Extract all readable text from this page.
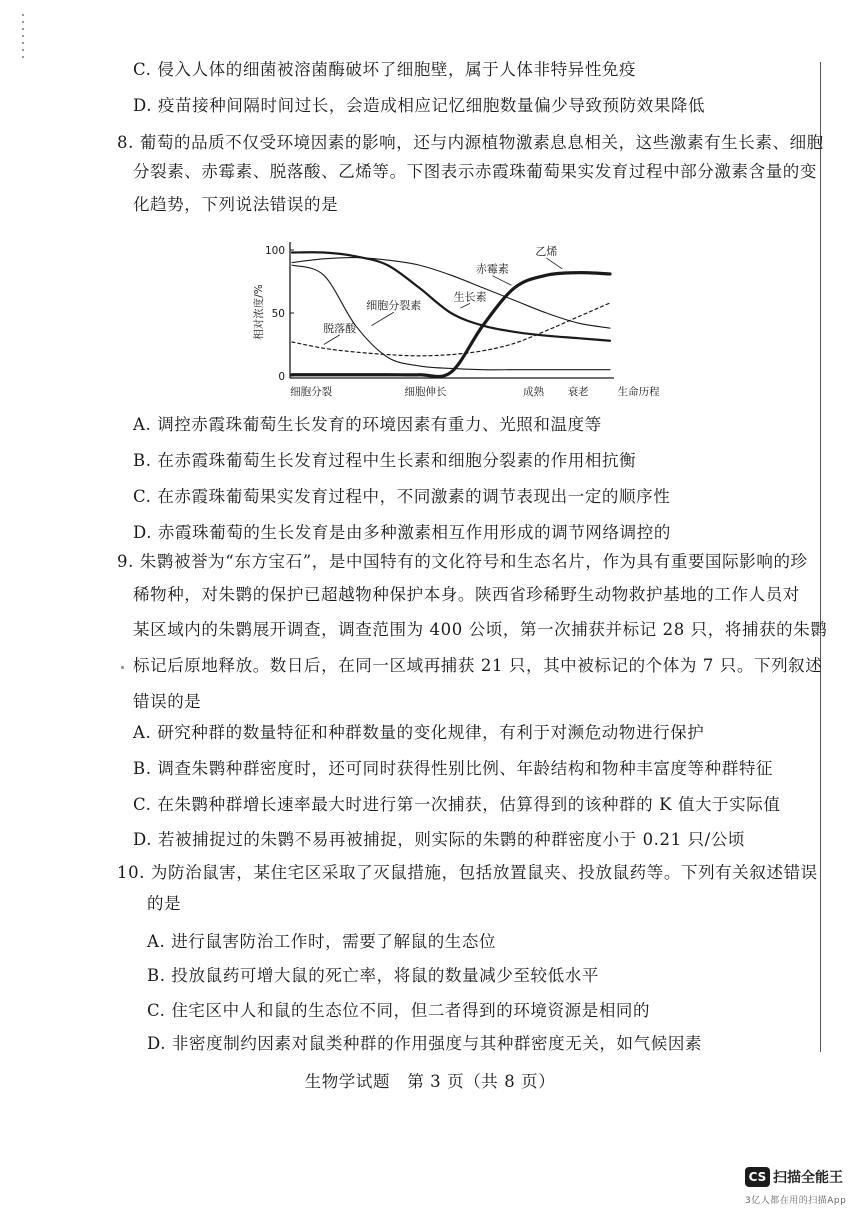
C. 侵入人体的细菌被溶菌酶破坏了细胞壁，属于人体非特异性免疫
D. 疫苗接种间隔时间过长，会造成相应记忆细胞数量偏少导致预防效果降低
8. 葡萄的品质不仅受环境因素的影响，还与内源植物激素息息相关，这些激素有生长素、细胞
分裂素、赤霉素、脱落酸、乙烯等。下图表示赤霞珠葡萄果实发育过程中部分激素含量的变
化趋势，下列说法错误的是
相对浓度/%
0
50
100
细胞分裂	细胞伸长	成熟 衰老	生命历程
乙烯
赤霉素
生长素
细胞分裂素
脱落酸
A. 调控赤霞珠葡萄生长发育的环境因素有重力、光照和温度等
B. 在赤霞珠葡萄生长发育过程中生长素和细胞分裂素的作用相抗衡
C. 在赤霞珠葡萄果实发育过程中，不同激素的调节表现出一定的顺序性
D. 赤霞珠葡萄的生长发育是由多种激素相互作用形成的调节网络调控的
9. 朱鹮被誉为“东方宝石”，是中国特有的文化符号和生态名片，作为具有重要国际影响的珍
稀物种，对朱鹮的保护已超越物种保护本身。陕西省珍稀野生动物救护基地的工作人员对
某区域内的朱鹮展开调查，调查范围为 400 公顷，第一次捕获并标记 28 只，将捕获的朱鹮
标记后原地释放。数日后，在同一区域再捕获 21 只，其中被标记的个体为 7 只。下列叙述
错误的是
A. 研究种群的数量特征和种群数量的变化规律，有利于对濒危动物进行保护
B. 调查朱鹮种群密度时，还可同时获得性别比例、年龄结构和物种丰富度等种群特征
C. 在朱鹮种群增长速率最大时进行第一次捕获，估算得到的该种群的 K 值大于实际值
D. 若被捕捉过的朱鹮不易再被捕捉，则实际的朱鹮的种群密度小于 0.21 只/公顷
10. 为防治鼠害，某住宅区采取了灭鼠措施，包括放置鼠夹、投放鼠药等。下列有关叙述错误
的是
A. 进行鼠害防治工作时，需要了解鼠的生态位
B. 投放鼠药可增大鼠的死亡率，将鼠的数量减少至较低水平
C. 住宅区中人和鼠的生态位不同，但二者得到的环境资源是相同的
D. 非密度制约因素对鼠类种群的作用强度与其种群密度无关，如气候因素
生物学试题　第 3 页（共 8 页）
CS 扫描全能王
3亿人都在用的扫描App
